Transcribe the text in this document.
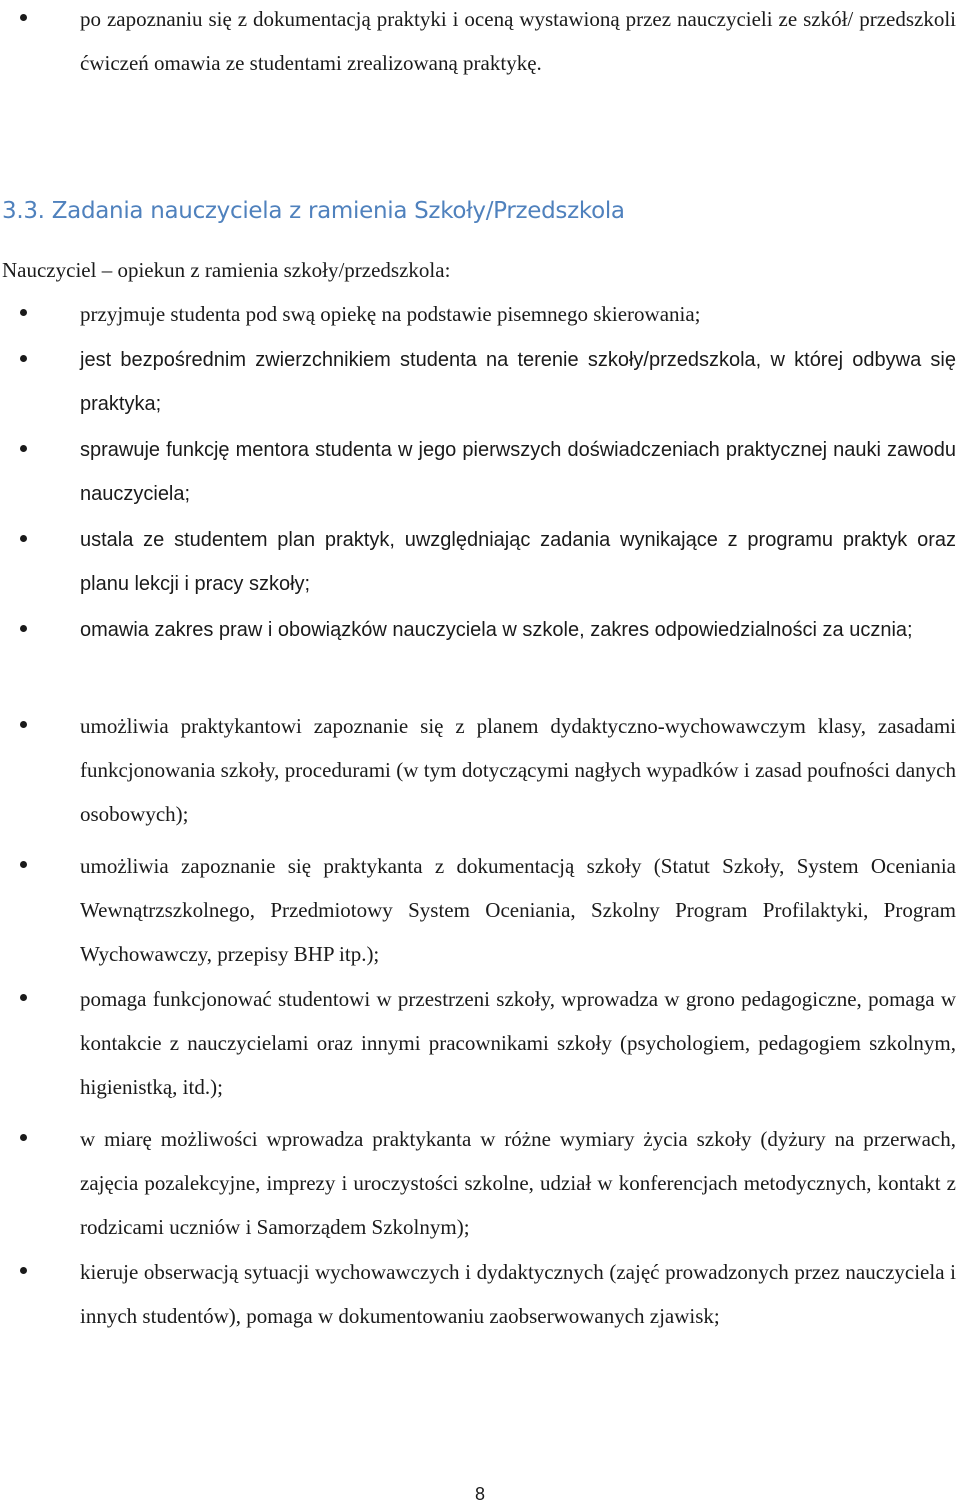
po zapoznaniu się z dokumentacją praktyki i oceną wystawioną przez nauczycieli ze szkół/ przedszkoli ćwiczeń omawia ze studentami zrealizowaną praktykę.
3.3. Zadania nauczyciela z ramienia Szkoły/Przedszkola
Nauczyciel – opiekun z ramienia szkoły/przedszkola:
przyjmuje studenta pod swą opiekę na podstawie pisemnego skierowania;
jest bezpośrednim zwierzchnikiem studenta na terenie szkoły/przedszkola, w której odbywa się praktyka;
sprawuje funkcję mentora studenta w jego pierwszych doświadczeniach praktycznej nauki zawodu nauczyciela;
ustala ze studentem plan praktyk, uwzględniając zadania wynikające z programu praktyk oraz planu lekcji i pracy szkoły;
omawia zakres praw i obowiązków nauczyciela w szkole, zakres odpowiedzialności za ucznia;
umożliwia praktykantowi zapoznanie się z planem dydaktyczno-wychowawczym klasy, zasadami funkcjonowania szkoły, procedurami (w tym dotyczącymi nagłych wypadków i zasad poufności danych osobowych);
umożliwia zapoznanie się praktykanta z dokumentacją szkoły (Statut Szkoły, System Oceniania Wewnątrzszkolnego, Przedmiotowy System Oceniania, Szkolny Program Profilaktyki, Program Wychowawczy, przepisy BHP itp.);
pomaga funkcjonować studentowi w przestrzeni szkoły, wprowadza w grono pedagogiczne, pomaga w kontakcie z nauczycielami oraz innymi pracownikami szkoły (psychologiem, pedagogiem szkolnym, higienistką, itd.);
w miarę możliwości wprowadza praktykanta w różne wymiary życia szkoły (dyżury na przerwach, zajęcia pozalekcyjne, imprezy i uroczystości szkolne, udział w konferencjach metodycznych, kontakt z rodzicami uczniów i Samorządem Szkolnym);
kieruje obserwacją sytuacji wychowawczych i dydaktycznych (zajęć prowadzonych przez nauczyciela i innych studentów), pomaga w dokumentowaniu zaobserwowanych zjawisk;
8
